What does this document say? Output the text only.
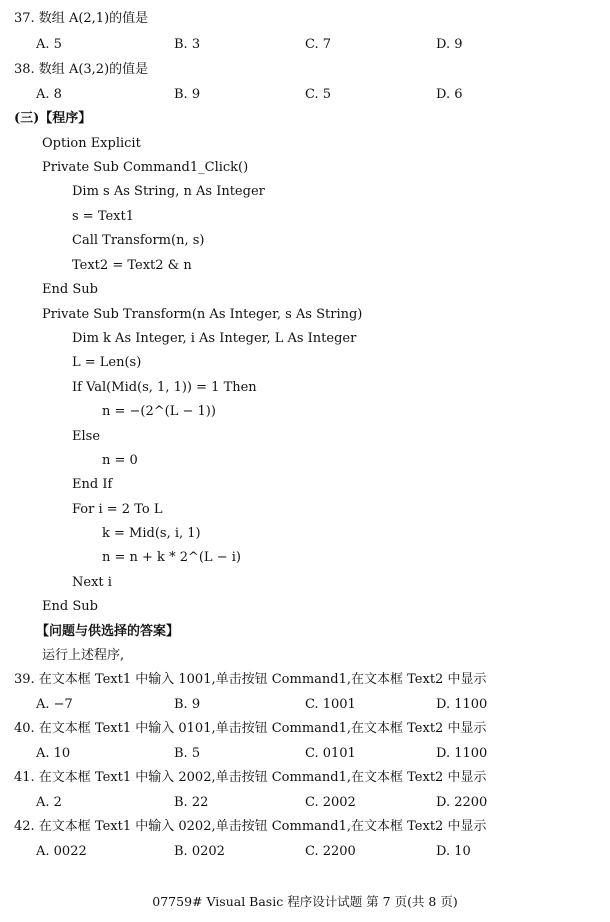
37. 数组 A(2,1)的值是
A. 5	B. 3	C. 7	D. 9
38. 数组 A(3,2)的值是
A. 8	B. 9	C. 5	D. 6
(三)【程序】
Option Explicit
Private Sub Command1_Click()
Dim s As String, n As Integer
s = Text1
Call Transform(n, s)
Text2 = Text2 & n
End Sub
Private Sub Transform(n As Integer, s As String)
Dim k As Integer, i As Integer, L As Integer
L = Len(s)
If Val(Mid(s, 1, 1)) = 1 Then
n = −(2^(L − 1))
Else
n = 0
End If
For i = 2 To L
k = Mid(s, i, 1)
n = n + k * 2^(L − i)
Next i
End Sub
【问题与供选择的答案】
运行上述程序,
39. 在文本框 Text1 中输入 1001,单击按钮 Command1,在文本框 Text2 中显示
A. −7	B. 9	C. 1001	D. 1100
40. 在文本框 Text1 中输入 0101,单击按钮 Command1,在文本框 Text2 中显示
A. 10	B. 5	C. 0101	D. 1100
41. 在文本框 Text1 中输入 2002,单击按钮 Command1,在文本框 Text2 中显示
A. 2	B. 22	C. 2002	D. 2200
42. 在文本框 Text1 中输入 0202,单击按钮 Command1,在文本框 Text2 中显示
A. 0022	B. 0202	C. 2200	D. 10
07759# Visual Basic 程序设计试题 第 7 页(共 8 页)
